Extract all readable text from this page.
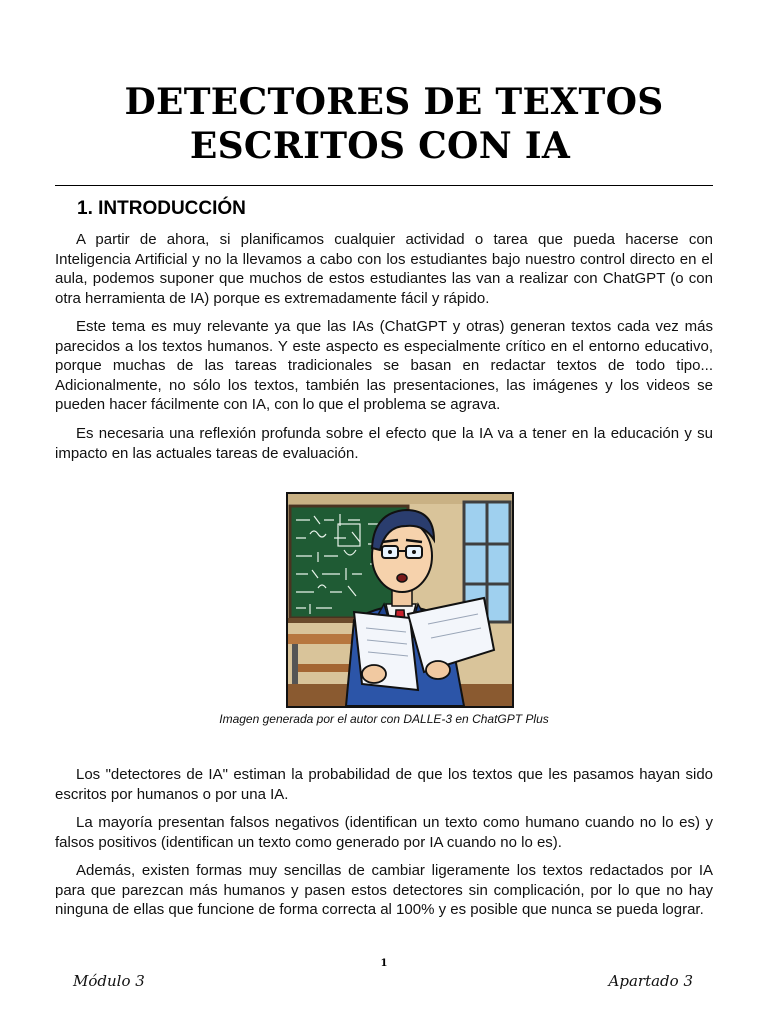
DETECTORES DE TEXTOS
ESCRITOS CON IA
1. INTRODUCCIÓN

A partir de ahora, si planificamos cualquier actividad o tarea que pueda hacerse con Inteligencia Artificial y no la llevamos a cabo con los estudiantes bajo nuestro control directo en el aula, podemos suponer que muchos de estos estudiantes las van a realizar con ChatGPT (o con otra herramienta de IA) porque es extremadamente fácil y rápido.

Este tema es muy relevante ya que las IAs (ChatGPT y otras) generan textos cada vez más parecidos a los textos humanos. Y este aspecto es especialmente crítico en el entorno educativo, porque muchas de las tareas tradicionales se basan en redactar textos de todo tipo... Adicionalmente, no sólo los textos, también las presentaciones, las imágenes y los videos se pueden hacer fácilmente con IA, con lo que el problema se agrava.

Es necesaria una reflexión profunda sobre el efecto que la IA va a tener en la educación y su impacto en las actuales tareas de evaluación.

Imagen generada por el autor con DALLE-3 en ChatGPT Plus

Los "detectores de IA" estiman la probabilidad de que los textos que les pasamos hayan sido escritos por humanos o por una IA.

La mayoría presentan falsos negativos (identifican un texto como humano cuando no lo es) y falsos positivos (identifican un texto como generado por IA cuando no lo es).

Además, existen formas muy sencillas de cambiar ligeramente los textos redactados por IA para que parezcan más humanos y pasen estos detectores sin complicación, por lo que no hay ninguna de ellas que funcione de forma correcta al 100% y es posible que nunca se pueda lograr.

1
Módulo 3	Apartado 3
